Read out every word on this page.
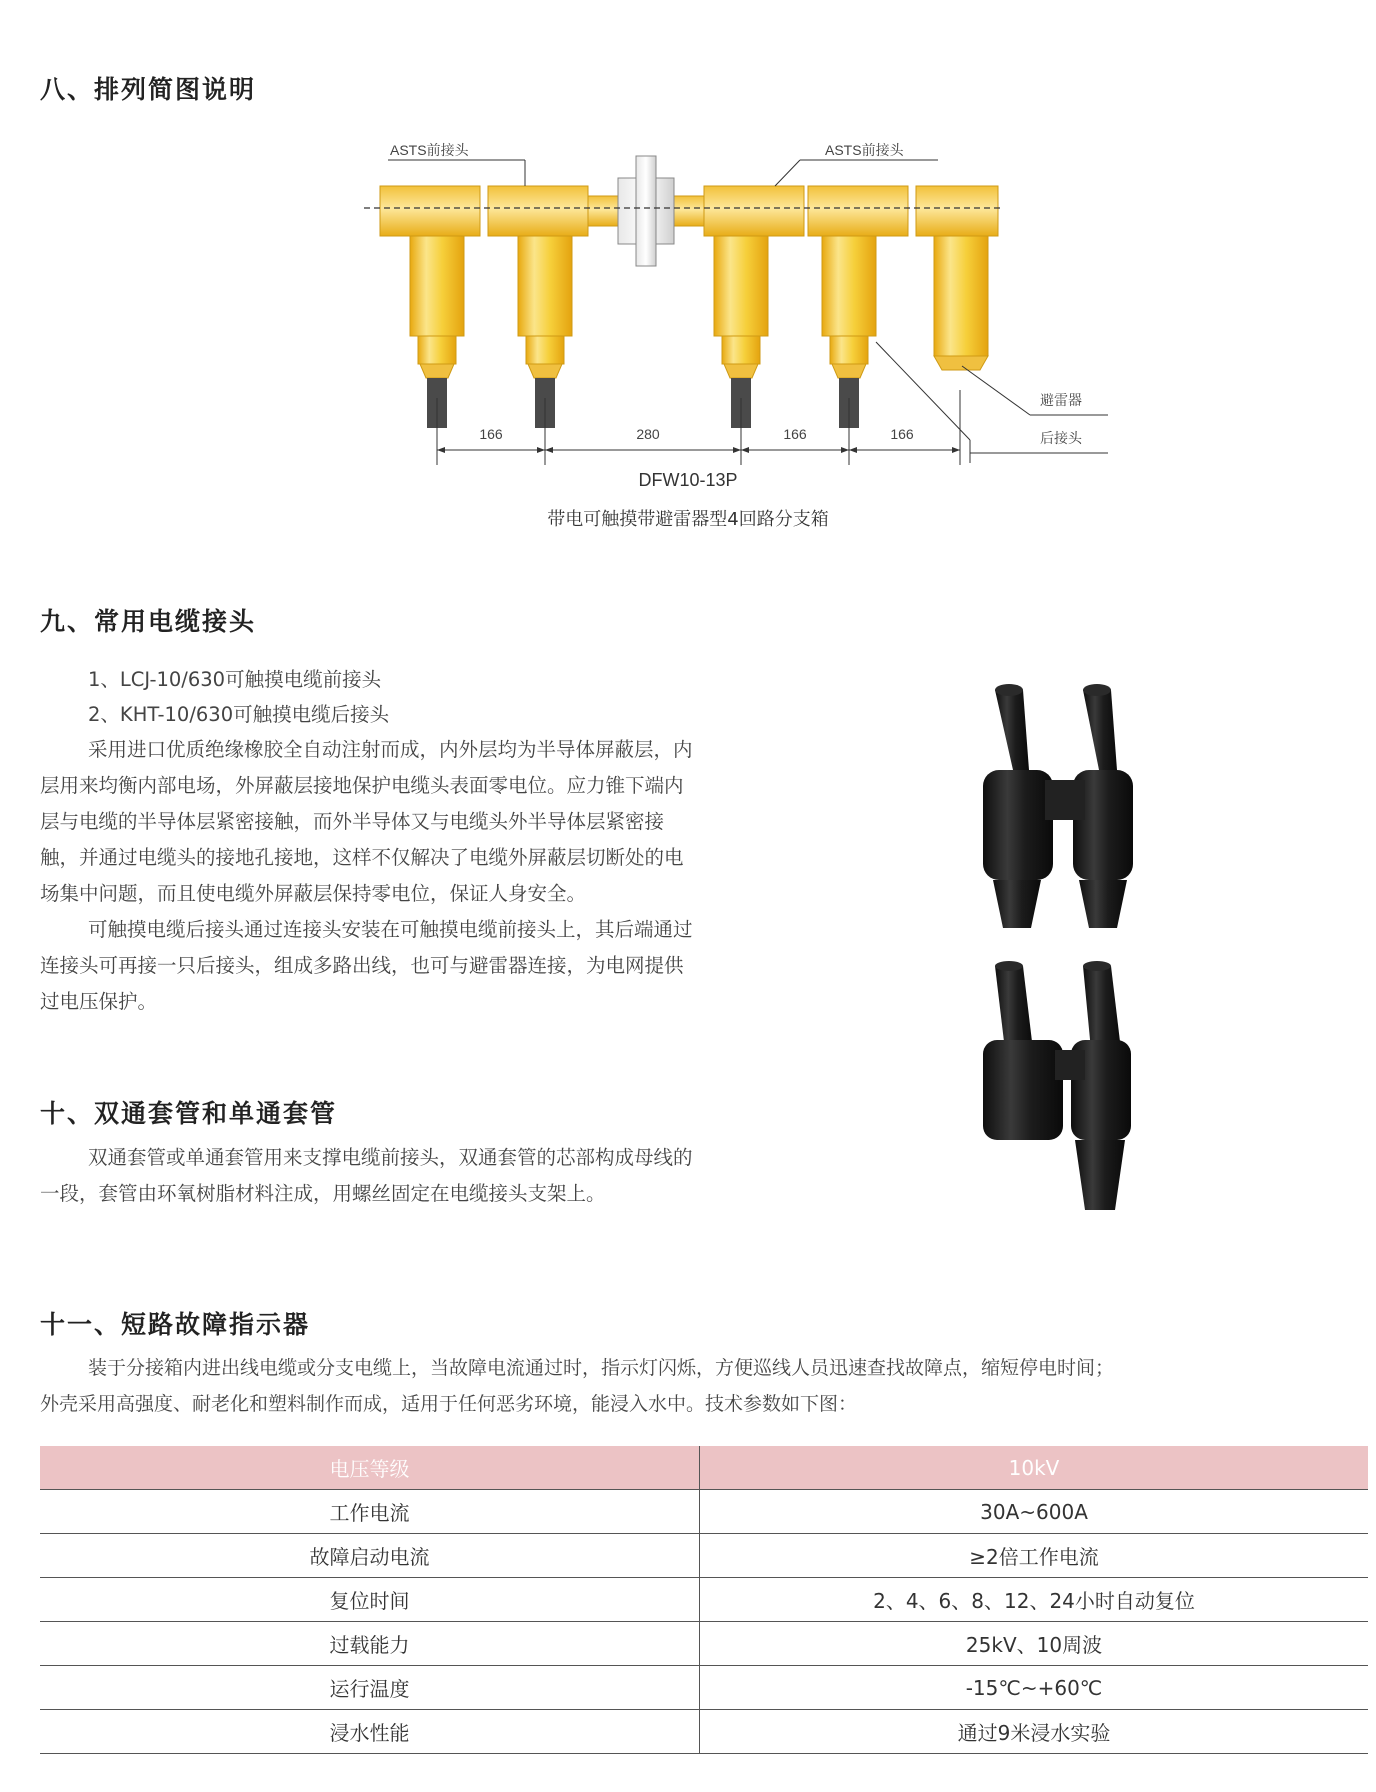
八、排列简图说明
ASTS前接头	ASTS前接头
避雷器
后接头
166	280	166	166
DFW10-13P
带电可触摸带避雷器型4回路分支箱
九、常用电缆接头
1、LCJ-10/630可触摸电缆前接头
2、KHT-10/630可触摸电缆后接头
采用进口优质绝缘橡胶全自动注射而成，内外层均为半导体屏蔽层，内
层用来均衡内部电场，外屏蔽层接地保护电缆头表面零电位。应力锥下端内
层与电缆的半导体层紧密接触，而外半导体又与电缆头外半导体层紧密接
触，并通过电缆头的接地孔接地，这样不仅解决了电缆外屏蔽层切断处的电
场集中问题，而且使电缆外屏蔽层保持零电位，保证人身安全。
可触摸电缆后接头通过连接头安装在可触摸电缆前接头上，其后端通过
连接头可再接一只后接头，组成多路出线，也可与避雷器连接，为电网提供
过电压保护。
十、双通套管和单通套管
双通套管或单通套管用来支撑电缆前接头，双通套管的芯部构成母线的
一段，套管由环氧树脂材料注成，用螺丝固定在电缆接头支架上。
十一、短路故障指示器
装于分接箱内进出线电缆或分支电缆上，当故障电流通过时，指示灯闪烁，方便巡线人员迅速查找故障点，缩短停电时间；
外壳采用高强度、耐老化和塑料制作而成，适用于任何恶劣环境，能浸入水中。技术参数如下图：
电压等级	10kV
工作电流	30A~600A
故障启动电流	≥2倍工作电流
复位时间	2、4、6、8、12、24小时自动复位
过载能力	25kV、10周波
运行温度	-15℃~+60℃
浸水性能	通过9米浸水实验
